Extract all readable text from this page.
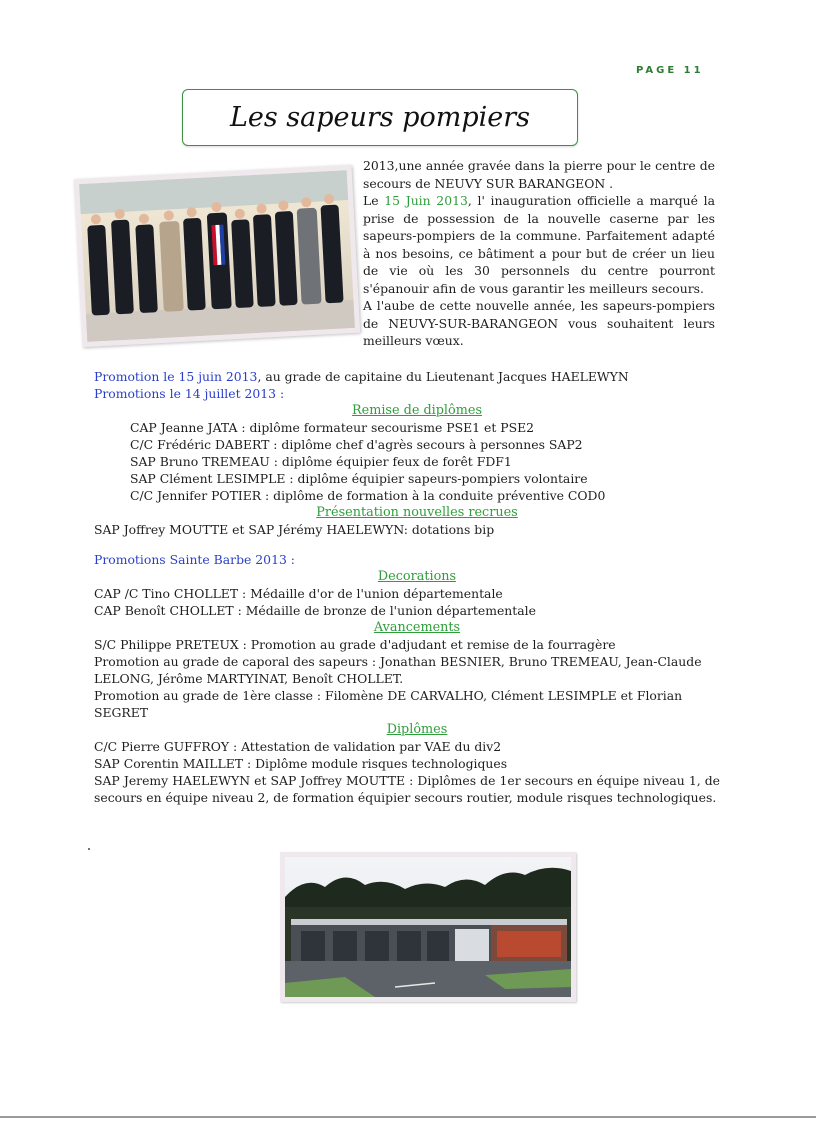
PAGE 11
Les sapeurs pompiers

2013,une année gravée dans la pierre pour le centre de secours de NEUVY SUR BARANGEON .

Le 15 Juin 2013, l' inauguration officielle a marqué la prise de possession de la nouvelle caserne par les sapeurs-pompiers de la commune. Parfaitement adapté à nos besoins, ce bâtiment a pour but de créer un lieu de vie où les 30 personnels du centre pourront s'épanouir afin de vous garantir les meilleurs secours.

A l'aube de cette nouvelle année, les sapeurs-pompiers de NEUVY-SUR-BARANGEON vous souhaitent leurs meilleurs vœux.

Promotion le 15 juin 2013, au grade de capitaine du Lieutenant Jacques HAELEWYN
Promotions le 14 juillet 2013 :
Remise de diplômes
CAP Jeanne JATA : diplôme formateur secourisme PSE1 et PSE2
C/C Frédéric DABERT : diplôme chef d'agrès secours à personnes SAP2
SAP Bruno TREMEAU : diplôme équipier feux de forêt FDF1
SAP Clément LESIMPLE : diplôme équipier sapeurs-pompiers volontaire
C/C Jennifer POTIER : diplôme de formation à la conduite préventive COD0
Présentation nouvelles recrues
SAP Joffrey MOUTTE et SAP Jérémy HAELEWYN: dotations bip
Promotions Sainte Barbe 2013 :
Decorations
CAP /C Tino CHOLLET : Médaille d'or de l'union départementale
CAP Benoît CHOLLET : Médaille de bronze de l'union départementale
Avancements
S/C Philippe PRETEUX : Promotion au grade d'adjudant et remise de la fourragère
Promotion au grade de caporal des sapeurs : Jonathan BESNIER, Bruno TREMEAU, Jean-Claude LELONG, Jérôme MARTYINAT, Benoît CHOLLET.
Promotion au grade de 1ère classe : Filomène DE CARVALHO, Clément LESIMPLE et Florian SEGRET
Diplômes
C/C Pierre GUFFROY : Attestation de validation par VAE du div2
SAP Corentin MAILLET : Diplôme module risques technologiques
SAP Jeremy HAELEWYN et SAP Joffrey MOUTTE : Diplômes de 1er secours en équipe niveau 1, de secours en équipe niveau 2, de formation équipier secours routier, module risques technologiques.
